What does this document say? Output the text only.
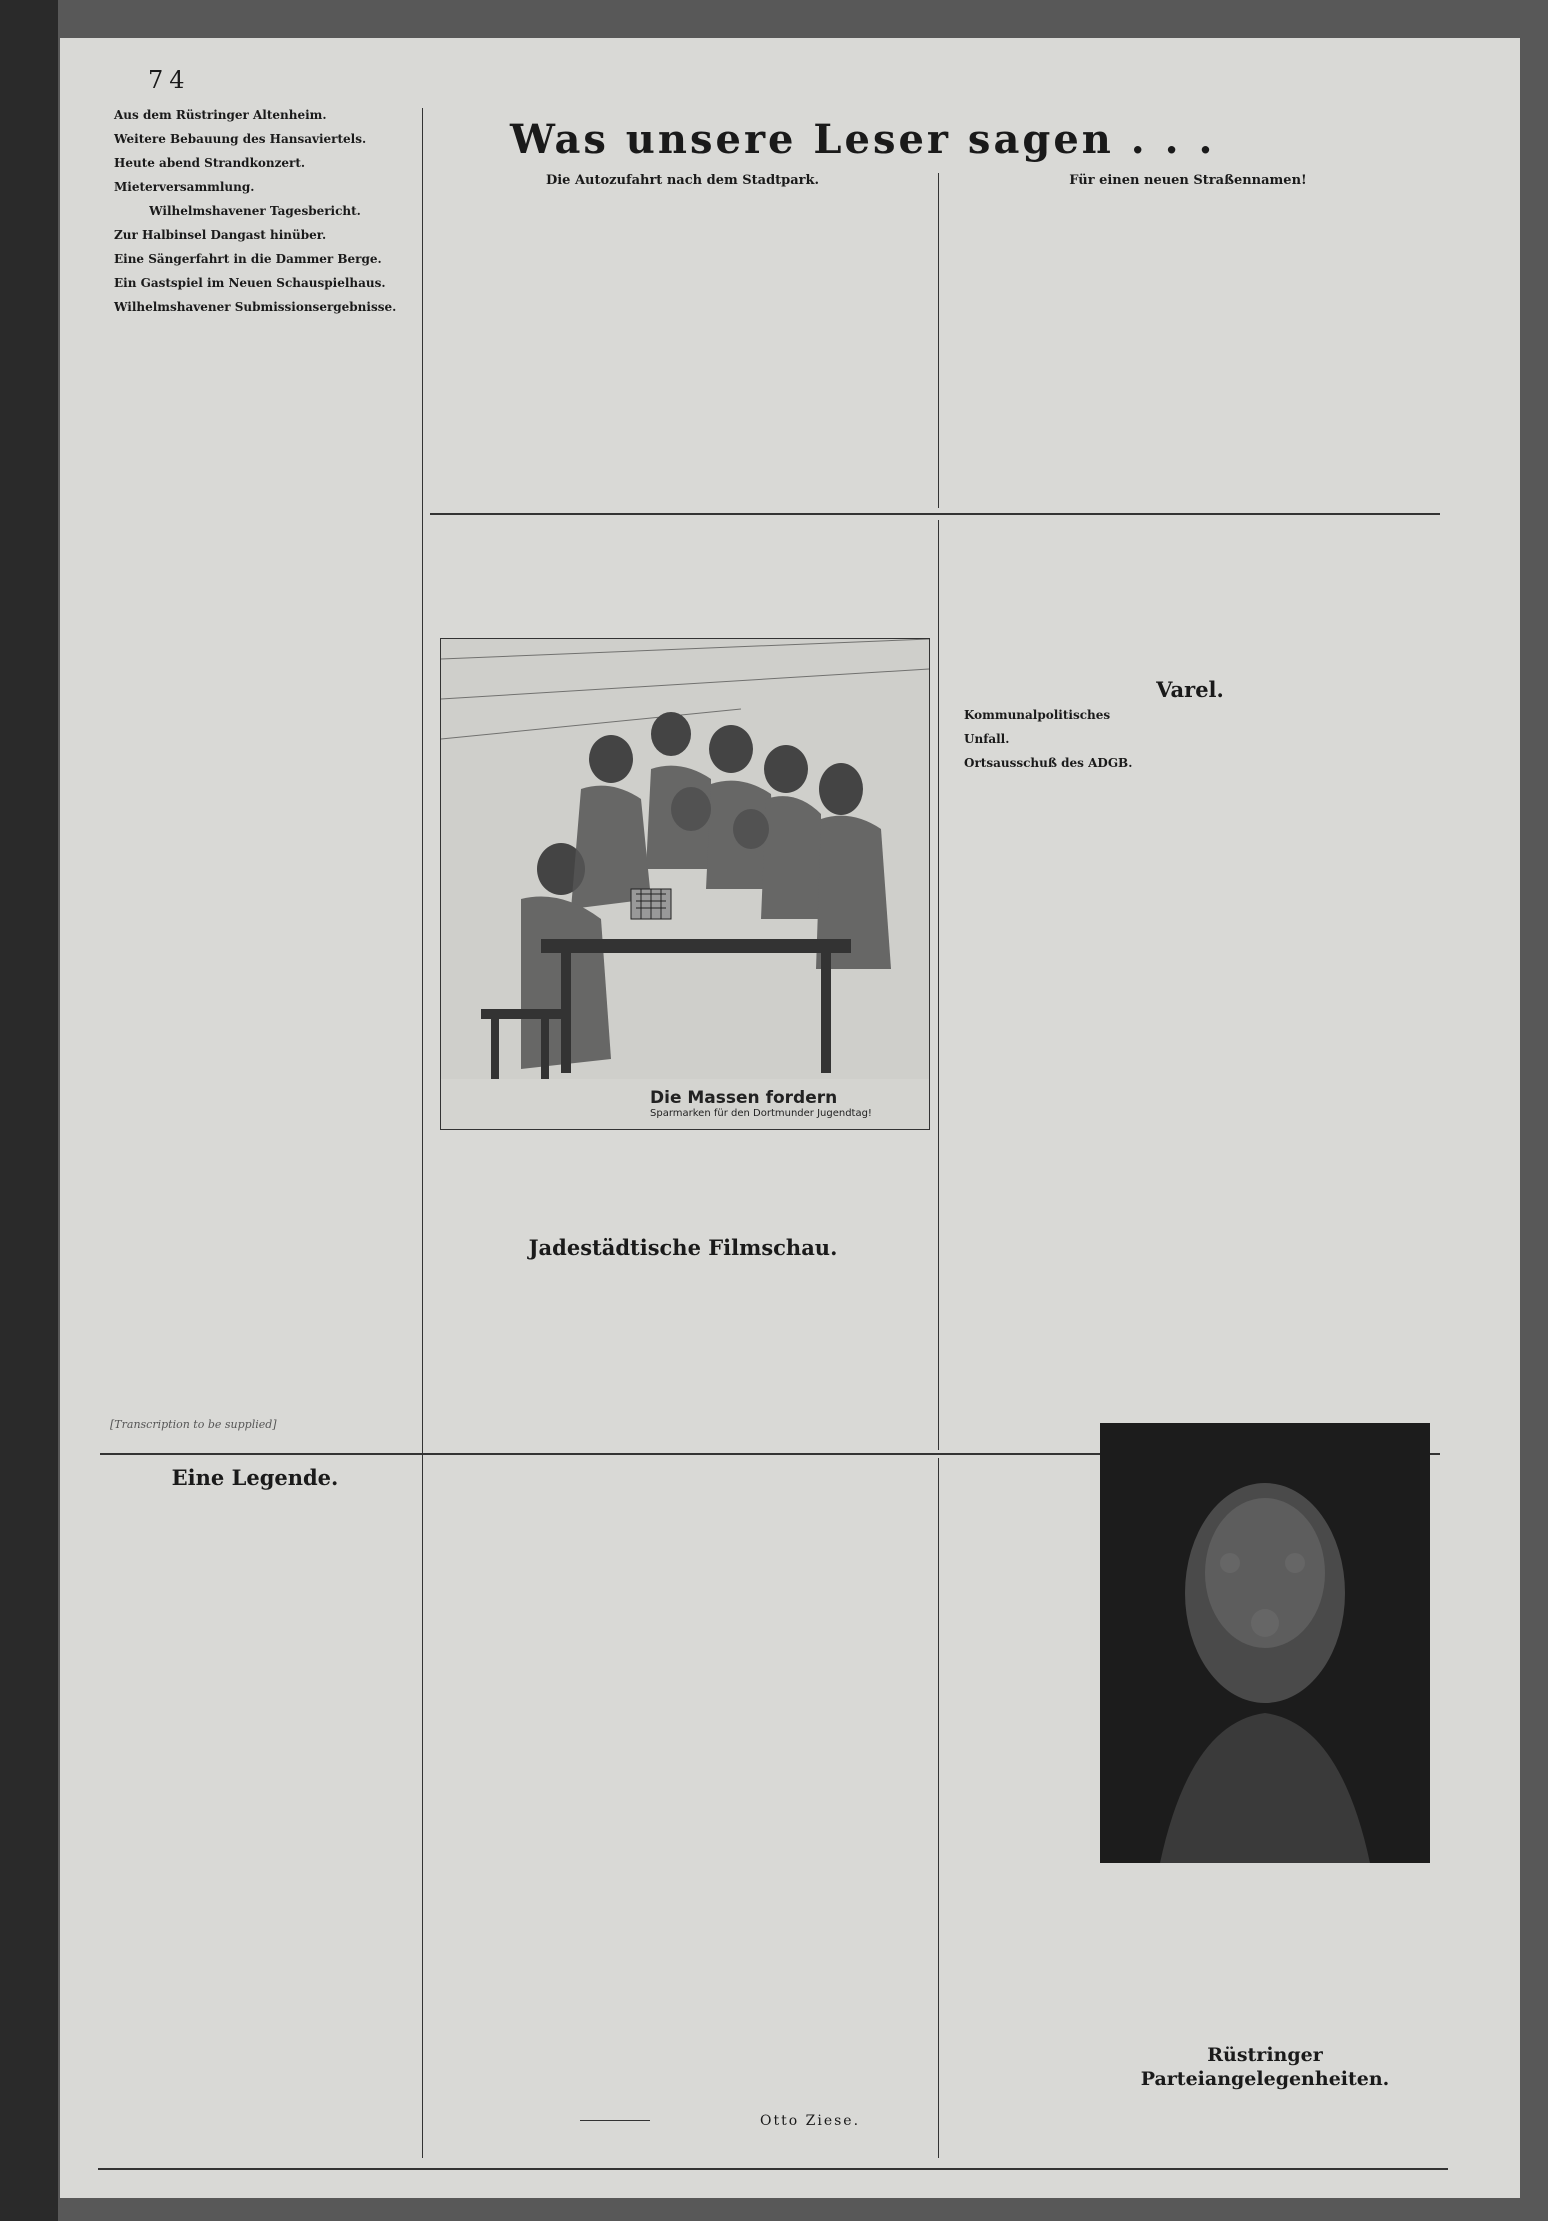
74

Aus dem Rüstringer Altenheim.

Weitere Bebauung des Hansaviertels.

Heute abend Strandkonzert.

Mieterversammlung.

Wilhelmshavener Tagesbericht.

Zur Halbinsel Dangast hinüber.

Eine Sängerfahrt in die Dammer Berge.

Ein Gastspiel im Neuen Schauspielhaus.

Wilhelmshavener Submissionsergebnisse.

[Transcription to be supplied]
Was unsere Leser sagen . . .
Die Autozufahrt nach dem Stadtpark.	Für einen neuen Straßennamen!

Die Massen fordern
Sparmarken für den Dortmunder Jugendtag!

Jadestädtische Filmschau.

Varel.

Kommunalpolitisches

Unfall.

Ortsausschuß des ADGB.

Eine Legende.

Otto Ziese.

Rüstringer Parteiangelegenheiten.
